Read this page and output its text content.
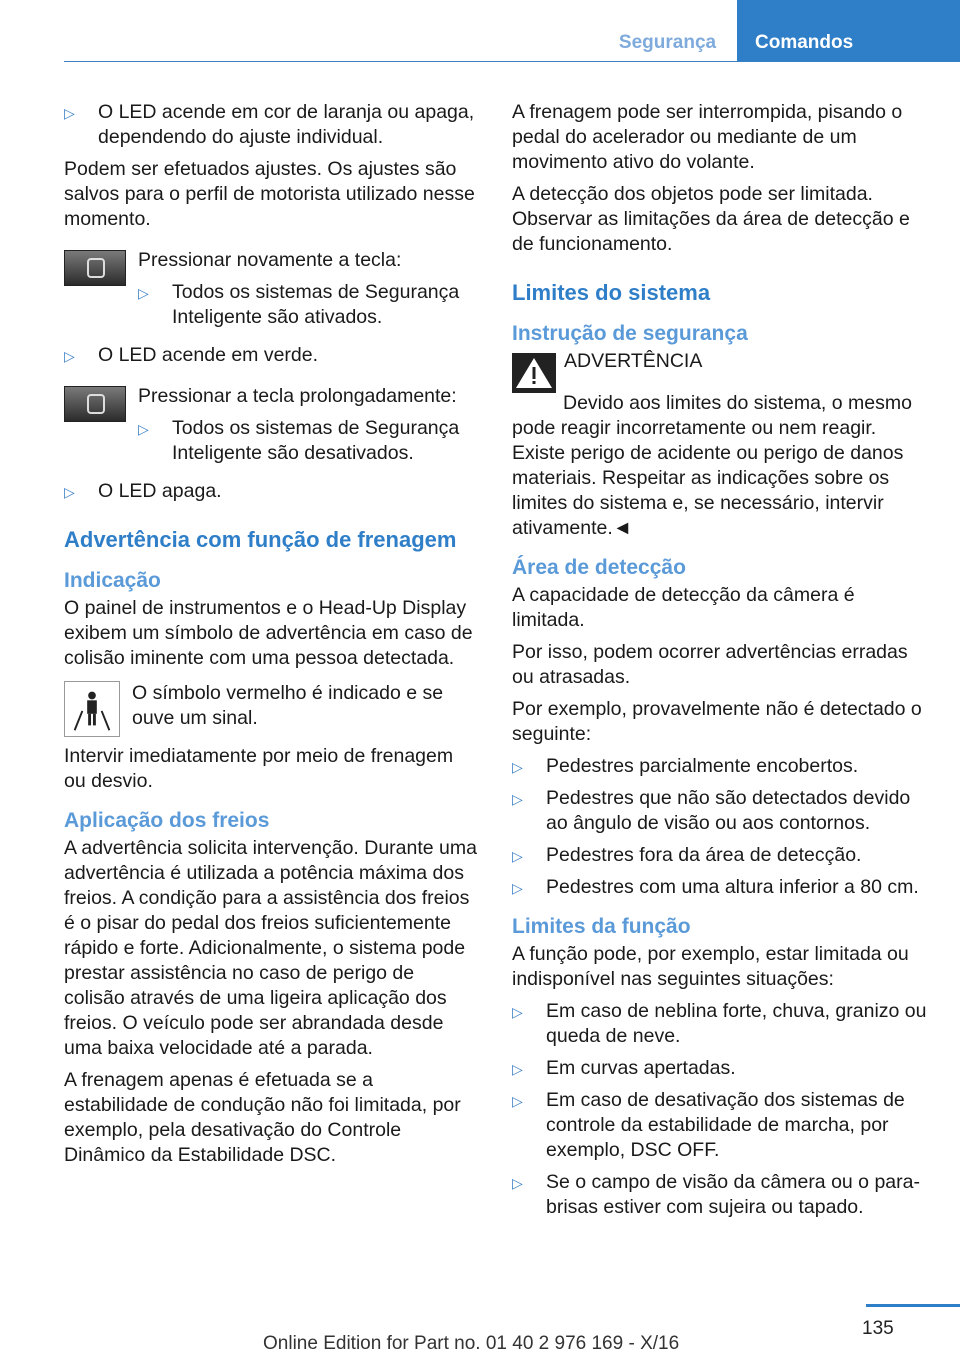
Segurança	Comandos
▷ O LED acende em cor de laranja ou apaga, dependendo do ajuste individual.

Podem ser efetuados ajustes. Os ajustes são salvos para o perfil de motorista utilizado nesse momento.

Pressionar novamente a tecla:

▷ Todos os sistemas de Segurança Inteligente são ativados.
▷ O LED acende em verde.

Pressionar a tecla prolongadamente:

▷ Todos os sistemas de Segurança Inteligente são desativados.
▷ O LED apaga.
Advertência com função de frenagem
Indicação

O painel de instrumentos e o Head-Up Display exibem um símbolo de advertência em caso de colisão iminente com uma pessoa detectada.

O símbolo vermelho é indicado e se ouve um sinal.

Intervir imediatamente por meio de frenagem ou desvio.

Aplicação dos freios

A advertência solicita intervenção. Durante uma advertência é utilizada a potência máxima dos freios. A condição para a assistência dos freios é o pisar do pedal dos freios suficientemente rápido e forte. Adicionalmente, o sistema pode prestar assistência no caso de perigo de colisão através de uma ligeira aplicação dos freios. O veículo pode ser abrandada desde uma baixa velocidade até a parada.

A frenagem apenas é efetuada se a estabilidade de condução não foi limitada, por exemplo, pela desativação do Controle Dinâmico da Estabilidade DSC.

A frenagem pode ser interrompida, pisando o pedal do acelerador ou mediante de um movimento ativo do volante.

A detecção dos objetos pode ser limitada. Observar as limitações da área de detecção e de funcionamento.

Limites do sistema
Instrução de segurança

ADVERTÊNCIA

Devido aos limites do sistema, o mesmo pode reagir incorretamente ou nem reagir. Existe perigo de acidente ou perigo de danos materiais. Respeitar as indicações sobre os limites do sistema e, se necessário, intervir ativamente.◄

Área de detecção

A capacidade de detecção da câmera é limitada.

Por isso, podem ocorrer advertências erradas ou atrasadas.

Por exemplo, provavelmente não é detectado o seguinte:

▷ Pedestres parcialmente encobertos.
▷ Pedestres que não são detectados devido ao ângulo de visão ou aos contornos.
▷ Pedestres fora da área de detecção.
▷ Pedestres com uma altura inferior a 80 cm.
Limites da função

A função pode, por exemplo, estar limitada ou indisponível nas seguintes situações:

▷ Em caso de neblina forte, chuva, granizo ou queda de neve.
▷ Em curvas apertadas.
▷ Em caso de desativação dos sistemas de controle da estabilidade de marcha, por exemplo, DSC OFF.
▷ Se o campo de visão da câmera ou o para-brisas estiver com sujeira ou tapado.
135
Online Edition for Part no. 01 40 2 976 169 - X/16
